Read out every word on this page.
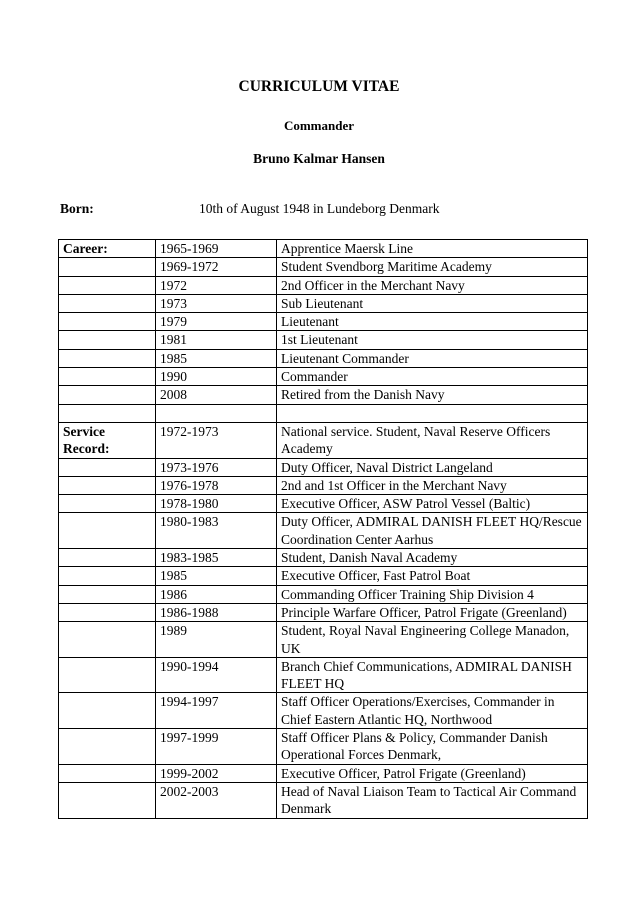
CURRICULUM VITAE
Commander
Bruno Kalmar Hansen
Born:	10th of August 1948 in Lundeborg Denmark
Career:	1965-1969	Apprentice Maersk Line
	1969-1972	Student Svendborg Maritime Academy
	1972	2nd Officer in the Merchant Navy
	1973	Sub Lieutenant
	1979	Lieutenant
	1981	1st Lieutenant
	1985	Lieutenant Commander
	1990	Commander
	2008	Retired from the Danish Navy

Service
Record:	1972-1973	National service. Student, Naval Reserve Officers Academy
	1973-1976	Duty Officer, Naval District Langeland
	1976-1978	2nd and 1st Officer in the Merchant Navy
	1978-1980	Executive Officer, ASW Patrol Vessel (Baltic)
	1980-1983	Duty Officer, ADMIRAL DANISH FLEET HQ/Rescue Coordination Center Aarhus
	1983-1985	Student, Danish Naval Academy
	1985	Executive Officer, Fast Patrol Boat
	1986	Commanding Officer Training Ship Division 4
	1986-1988	Principle Warfare Officer, Patrol Frigate (Greenland)
	1989	Student, Royal Naval Engineering College Manadon, UK
	1990-1994	Branch Chief Communications, ADMIRAL DANISH FLEET HQ
	1994-1997	Staff Officer Operations/Exercises, Commander in Chief Eastern Atlantic HQ, Northwood
	1997-1999	Staff Officer Plans & Policy, Commander Danish Operational Forces Denmark,
	1999-2002	Executive Officer, Patrol Frigate (Greenland)
	2002-2003	Head of Naval Liaison Team to Tactical Air Command Denmark
